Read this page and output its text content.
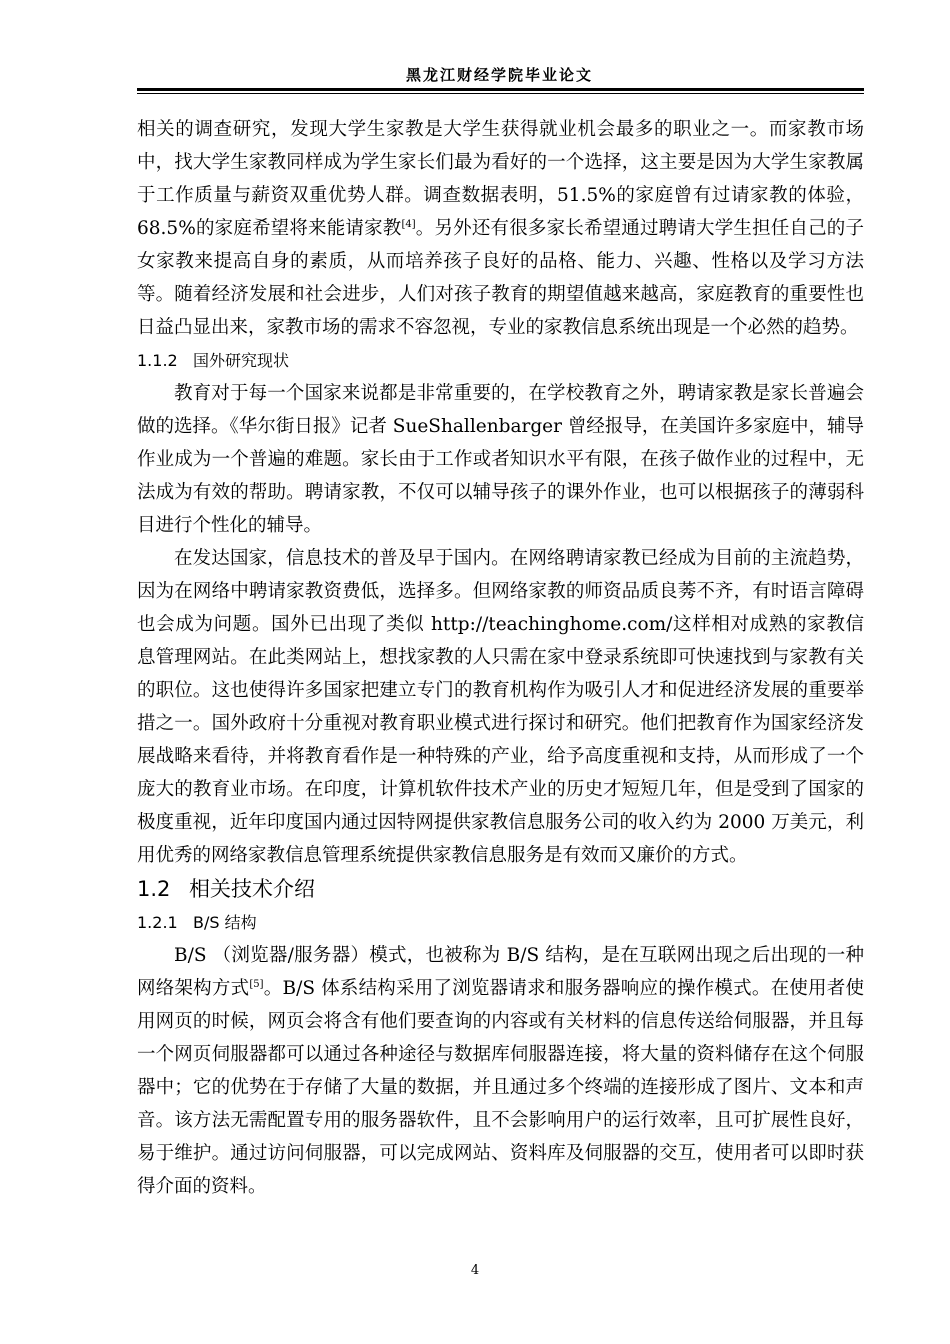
黑龙江财经学院毕业论文

相关的调查研究，发现大学生家教是大学生获得就业机会最多的职业之一。而家教市场中，找大学生家教同样成为学生家长们最为看好的一个选择，这主要是因为大学生家教属于工作质量与薪资双重优势人群。调查数据表明，51.5%的家庭曾有过请家教的体验，68.5%的家庭希望将来能请家教[4]。另外还有很多家长希望通过聘请大学生担任自己的子女家教来提高自身的素质，从而培养孩子良好的品格、能力、兴趣、性格以及学习方法等。随着经济发展和社会进步，人们对孩子教育的期望值越来越高，家庭教育的重要性也日益凸显出来，家教市场的需求不容忽视，专业的家教信息系统出现是一个必然的趋势。

1.1.2 国外研究现状

教育对于每一个国家来说都是非常重要的，在学校教育之外，聘请家教是家长普遍会做的选择。《华尔街日报》记者 SueShallenbarger 曾经报导，在美国许多家庭中，辅导作业成为一个普遍的难题。家长由于工作或者知识水平有限，在孩子做作业的过程中，无法成为有效的帮助。聘请家教，不仅可以辅导孩子的课外作业，也可以根据孩子的薄弱科目进行个性化的辅导。

在发达国家，信息技术的普及早于国内。在网络聘请家教已经成为目前的主流趋势，因为在网络中聘请家教资费低，选择多。但网络家教的师资品质良莠不齐，有时语言障碍也会成为问题。国外已出现了类似 http://teachinghome.com/这样相对成熟的家教信息管理网站。在此类网站上，想找家教的人只需在家中登录系统即可快速找到与家教有关的职位。这也使得许多国家把建立专门的教育机构作为吸引人才和促进经济发展的重要举措之一。国外政府十分重视对教育职业模式进行探讨和研究。他们把教育作为国家经济发展战略来看待，并将教育看作是一种特殊的产业，给予高度重视和支持，从而形成了一个庞大的教育业市场。在印度，计算机软件技术产业的历史才短短几年，但是受到了国家的极度重视，近年印度国内通过因特网提供家教信息服务公司的收入约为 2000 万美元，利用优秀的网络家教信息管理系统提供家教信息服务是有效而又廉价的方式。

1.2 相关技术介绍

1.2.1 B/S 结构

B/S （浏览器/服务器）模式，也被称为 B/S 结构，是在互联网出现之后出现的一种网络架构方式[5]。B/S 体系结构采用了浏览器请求和服务器响应的操作模式。在使用者使用网页的时候，网页会将含有他们要查询的内容或有关材料的信息传送给伺服器，并且每一个网页伺服器都可以通过各种途径与数据库伺服器连接，将大量的资料储存在这个伺服器中；它的优势在于存储了大量的数据，并且通过多个终端的连接形成了图片、文本和声音。该方法无需配置专用的服务器软件，且不会影响用户的运行效率，且可扩展性良好，易于维护。通过访问伺服器，可以完成网站、资料库及伺服器的交互，使用者可以即时获得介面的资料。

4
